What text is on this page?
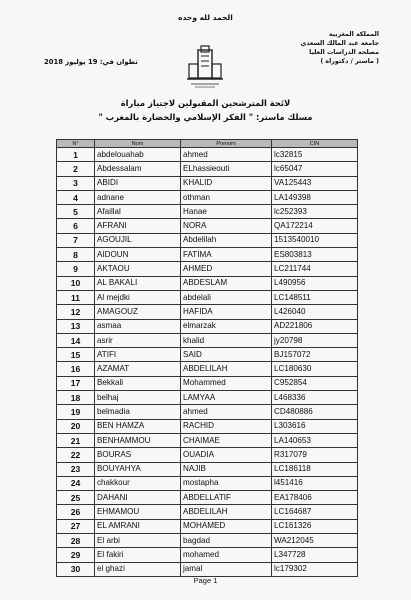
الحمد لله وحده
المملكة المغربية
جامعة عبد المالك السعدي
مصلحة الدراسات العليا
( ماستر / دكتوراه )
تطوان في: 19 يوليوز 2018
لائحة المترشحين المقبولين لاجتياز مباراة
مسلك ماستر: " الفكر الإسلامي والحضارة بالمغرب "
N°	Nom	Prenom	CIN
1	abdelouahab	ahmed	lc32815
2	Abdessalam	ELhassieouti	lc65047
3	ABIDI	KHALID	VA125443
4	adnane	othman	LA149398
5	Afaillal	Hanae	lc252393
6	AFRANI	NORA	QA172214
7	AGOUJIL	Abdelilah	1513540010
8	AIDOUN	FATIMA	ES803813
9	AKTAOU	AHMED	LC211744
10	AL BAKALI	ABDESLAM	L490956
11	Al mejdki	abdelali	LC148511
12	AMAGOUZ	HAFIDA	L426040
13	asmaa	elmarzak	AD221806
14	asrir	khalid	jy20798
15	ATIFI	SAID	BJ157072
16	AZAMAT	ABDELILAH	LC180630
17	Bekkali	Mohammed	C952854
18	belhaj	LAMYAA	L468336
19	belmadia	ahmed	CD480886
20	BEN HAMZA	RACHID	L303616
21	BENHAMMOU	CHAIMAE	LA140653
22	BOURAS	OUADIA	R317079
23	BOUYAHYA	NAJIB	LC186118
24	chakkour	mostapha	l451416
25	DAHANI	ABDELLATIF	EA178406
26	EHMAMOU	ABDELILAH	LC164687
27	EL AMRANI	MOHAMED	LC161326
28	El arbi	bagdad	WA212045
29	El fakiri	mohamed	L347728
30	el ghazi	jamal	lc179302
Page 1
